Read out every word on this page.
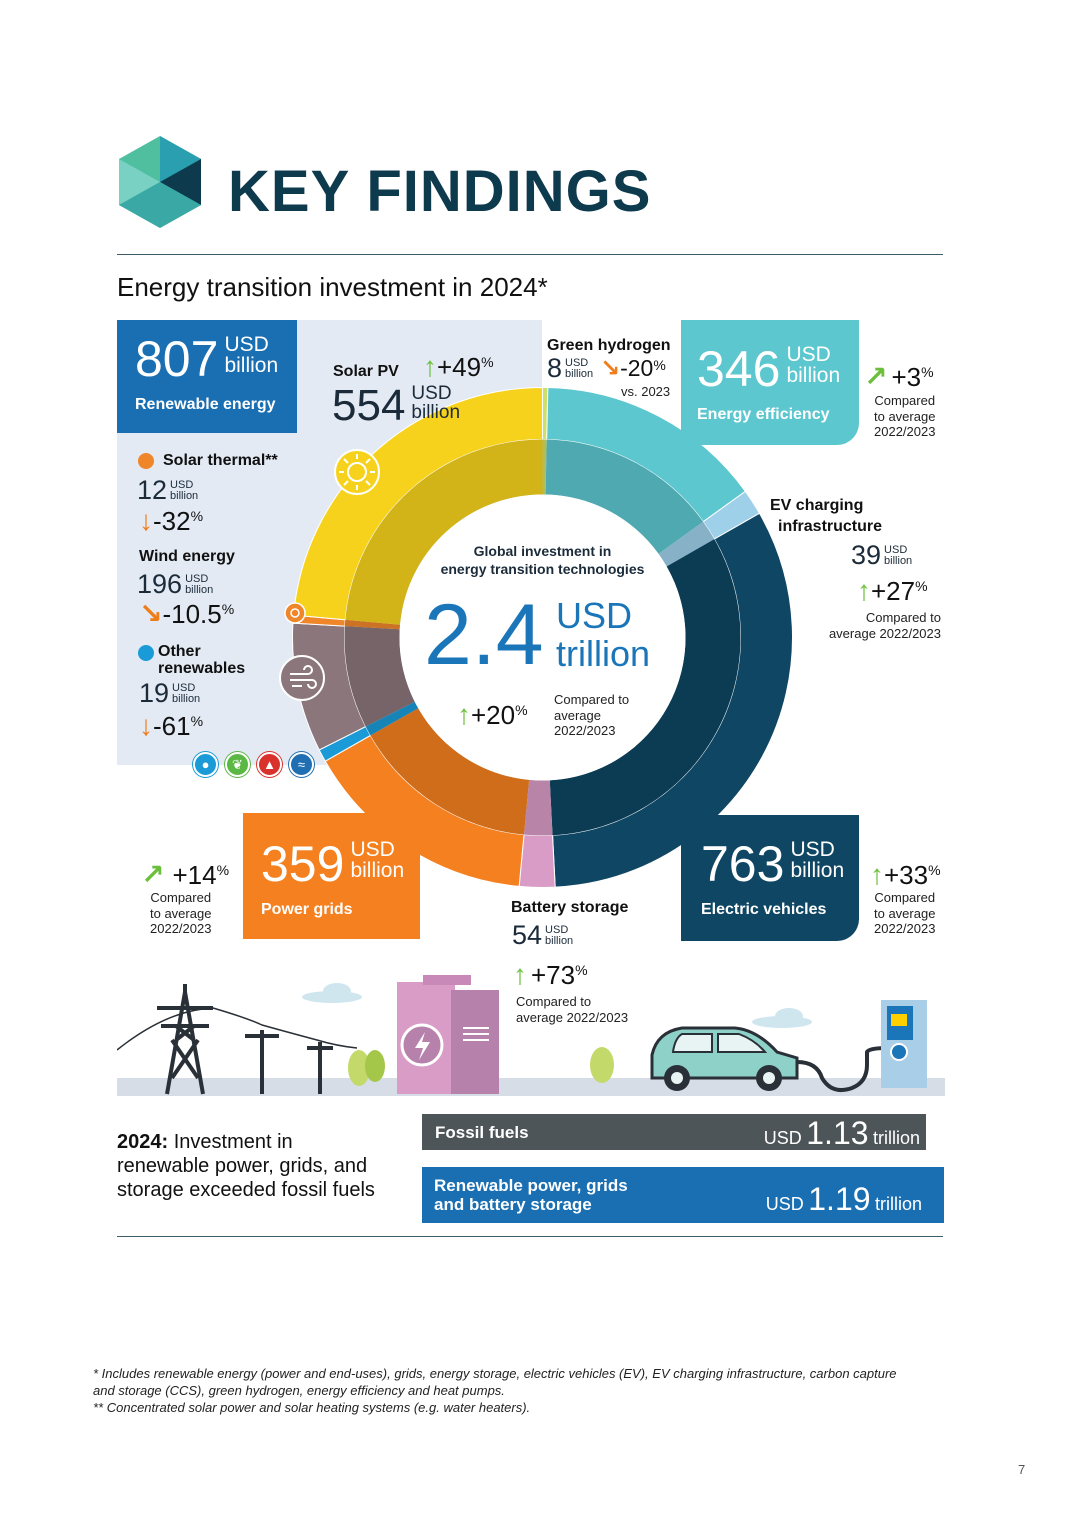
KEY FINDINGS
Energy transition investment in 2024*
Global investment in
energy transition technologies
2.4 USD
trillion
↑+20%
Compared to
average
2022/2023
807 USD
billion
Renewable energy
Solar PV ↑+49%
554 USD
billion
Solar thermal**
12 USD
billion
↓-32%
Wind energy
196 USD
billion
↘-10.5%
Other
renewables
19 USD
billion
↓-61%
●	❦	▲	≈
Green hydrogen
8 USD
billion ↘-20%
vs. 2023 346 USD
billion
Energy efficiency
↗ +3%
Compared
to average
2022/2023
EV charging
infrastructure
39 USD
billion
↑+27%
Compared to
average 2022/2023
359 USD
billion
Power grids
↗ +14%
Compared
to average
2022/2023
Battery storage
54 USD
billion
↑ +73%
Compared to
average 2022/2023
763 USD
billion
Electric vehicles
↑+33%
Compared
to average
2022/2023
2024: Investment in
renewable power, grids, and
storage exceeded fossil fuels
Fossil fuels	USD 1.13 trillion
Renewable power, grids
and battery storage	USD 1.19 trillion
* Includes renewable energy (power and end-uses), grids, energy storage, electric vehicles (EV), EV charging infrastructure, carbon capture
and storage (CCS), green hydrogen, energy efficiency and heat pumps.
** Concentrated solar power and solar heating systems (e.g. water heaters).
7
